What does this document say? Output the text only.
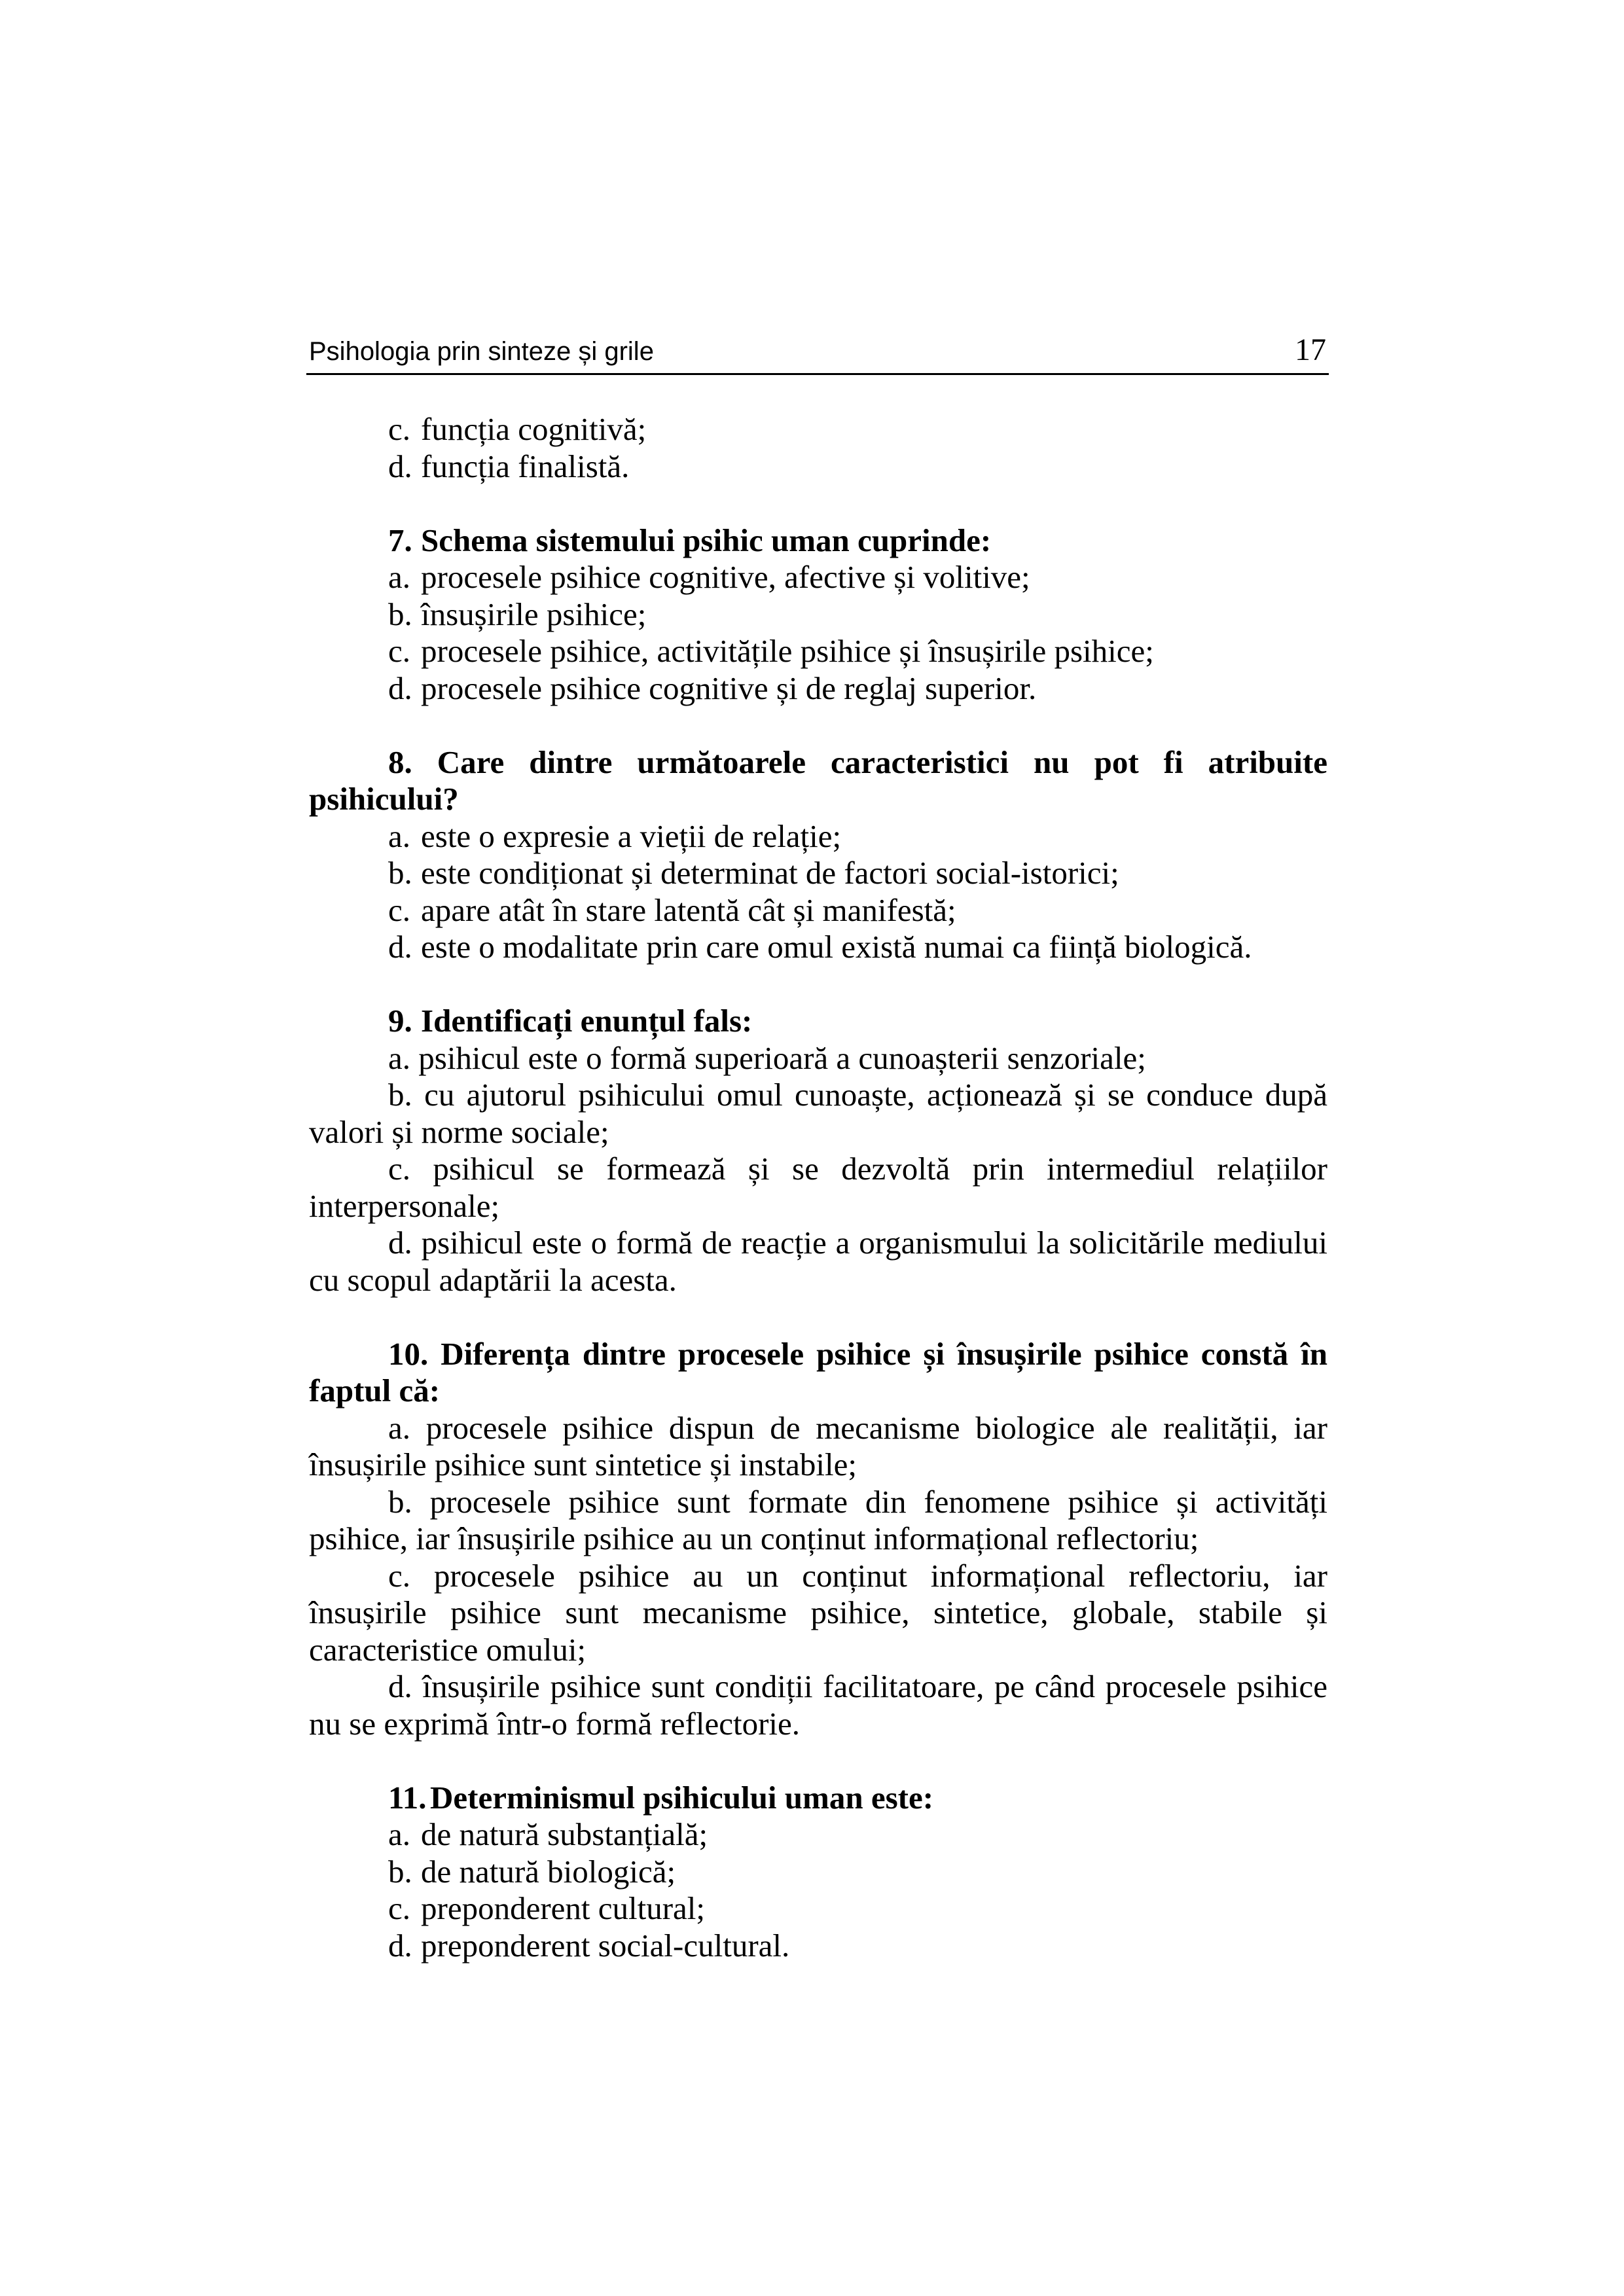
Psihologia prin sinteze și grile	17
c. funcția cognitivă;
d. funcția finalistă.
7. Schema sistemului psihic uman cuprinde:
a. procesele psihice cognitive, afective și volitive;
b. însușirile psihice;
c. procesele psihice, activitățile psihice și însușirile psihice;
d. procesele psihice cognitive și de reglaj superior.
8. Care dintre următoarele caracteristici nu pot fi atribuite psihicului?
a. este o expresie a vieții de relație;
b. este condiționat și determinat de factori social-istorici;
c. apare atât în stare latentă cât și manifestă;
d. este o modalitate prin care omul există numai ca ființă biologică.
9. Identificați enunțul fals:
a. psihicul este o formă superioară a cunoașterii senzoriale;
b. cu ajutorul psihicului omul cunoaște, acționează și se conduce după valori și norme sociale;
c. psihicul se formează și se dezvoltă prin intermediul relațiilor interpersonale;
d. psihicul este o formă de reacție a organismului la solicitările mediului cu scopul adaptării la acesta.
10. Diferența dintre procesele psihice și însușirile psihice constă în faptul că:
a. procesele psihice dispun de mecanisme biologice ale realității, iar însușirile psihice sunt sintetice și instabile;
b. procesele psihice sunt formate din fenomene psihice și activități psihice, iar însușirile psihice au un conținut informațional reflectoriu;
c. procesele psihice au un conținut informațional reflectoriu, iar însușirile psihice sunt mecanisme psihice, sintetice, globale, stabile și caracteristice omului;
d. însușirile psihice sunt condiții facilitatoare, pe când procesele psihice nu se exprimă într-o formă reflectorie.
11. Determinismul psihicului uman este:
a. de natură substanțială;
b. de natură biologică;
c. preponderent cultural;
d. preponderent social-cultural.
